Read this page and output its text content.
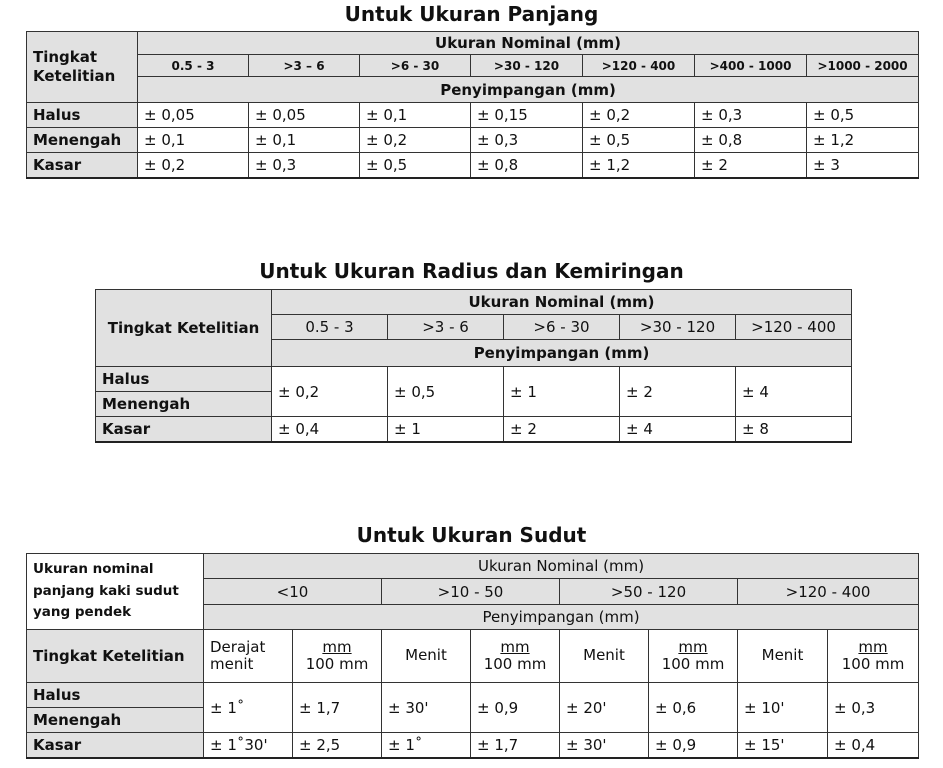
Untuk Ukuran Panjang
Tingkat Ketelitian	Ukuran Nominal (mm)						
	0.5 - 3	>3 – 6	>6 - 30	>30 - 120	>120 - 400	>400 - 1000	>1000 - 2000
	Penyimpangan (mm)						
Halus	± 0,05	± 0,05	± 0,1	± 0,15	± 0,2	± 0,3	± 0,5
Menengah	± 0,1	± 0,1	± 0,2	± 0,3	± 0,5	± 0,8	± 1,2
Kasar	± 0,2	± 0,3	± 0,5	± 0,8	± 1,2	± 2	± 3
Untuk Ukuran Radius dan Kemiringan
Tingkat Ketelitian	Ukuran Nominal (mm)				
	0.5 - 3	>3 - 6	>6 - 30	>30 - 120	>120 - 400
	Penyimpangan (mm)				
Halus	± 0,2	± 0,5	± 1	± 2	± 4
Menengah					
Kasar	± 0,4	± 1	± 2	± 4	± 8
Untuk Ukuran Sudut
Ukuran nominal panjang kaki sudut yang pendek	Ukuran Nominal (mm)							
	<10		>10 - 50		>50 - 120		>120 - 400	
	Penyimpangan (mm)							
Tingkat Ketelitian	Derajat menit	$\frac{mm}{100 mm}$	Menit	$\frac{mm}{100 mm}$	Menit	$\frac{mm}{100 mm}$	Menit	$\frac{mm}{100 mm}$

Halus	± 1˚	± 1,7	± 30'	± 0,9	± 20'	± 0,6	± 10'	± 0,3
Menengah								
Kasar	± 1˚30'	± 2,5	± 1˚	± 1,7	± 30'	± 0,9	± 15'	± 0,4
